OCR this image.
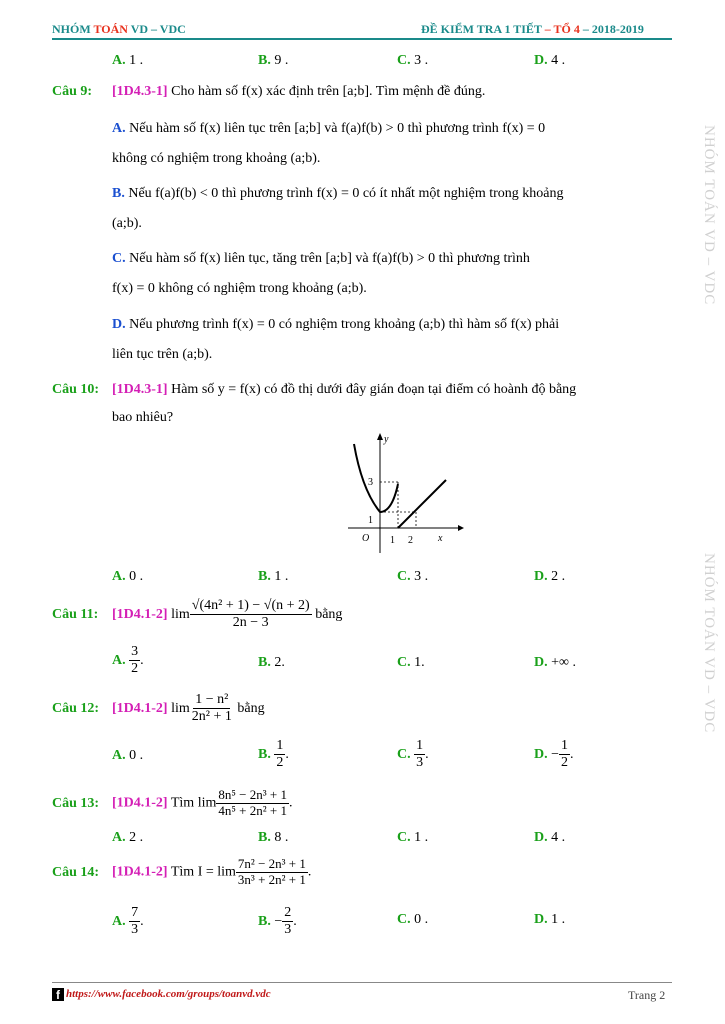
NHÓM TOÁN VD – VDC	ĐỀ KIỂM TRA 1 TIẾT – TỔ 4 – 2018-2019
NHÓM TOÁN VD – VDC
NHÓM TOÁN VD – VDC
A. 1 .	B. 9 .	C. 3 .	D. 4 .
Câu 9: [1D4.3-1] Cho hàm số f(x) xác định trên [a;b]. Tìm mệnh đề đúng.

A. Nếu hàm số f(x) liên tục trên [a;b] và f(a)f(b) > 0 thì phương trình f(x) = 0

không có nghiệm trong khoảng (a;b).

B. Nếu f(a)f(b) < 0 thì phương trình f(x) = 0 có ít nhất một nghiệm trong khoảng

(a;b).

C. Nếu hàm số f(x) liên tục, tăng trên [a;b] và f(a)f(b) > 0 thì phương trình

f(x) = 0 không có nghiệm trong khoảng (a;b).

D. Nếu phương trình f(x) = 0 có nghiệm trong khoảng (a;b) thì hàm số f(x) phải

liên tục trên (a;b).

Câu 10: [1D4.3-1] Hàm số y = f(x) có đồ thị dưới đây gián đoạn tại điểm có hoành độ bằng

bao nhiêu?

y
x
O
3
1
1 2
A. 0 .	B. 1 .	C. 3 .	D. 2 .
Câu 11: [1D4.1-2] $\lim \frac{\text{√(4n² + 1) − √(n + 2)}}{2n - 3}$ bằng
A. $\frac{3}{2}$ .	B. 2.	C. 1.	D. +∞ .
Câu 12: [1D4.1-2] $\lim \frac{\text{1 − n²}}{\text{2n² + 1}}$ bằng
A. 0 .	B. $\frac{1}{2}$ .	C. $\frac{1}{3}$ .	D. − $\frac{1}{2}$ .
Câu 13: [1D4.1-2] Tìm $\lim \frac{\text{8n⁵ − 2n³ + 1}}{\text{4n⁵ + 2n² + 1}}$ .
A. 2 .	B. 8 .	C. 1 .	D. 4 .
Câu 14: [1D4.1-2] Tìm $I = \lim \frac{\text{7n² − 2n³ + 1}}{\text{3n³ + 2n² + 1}}$ .
A. $\frac{7}{3}$ .	B. − $\frac{2}{3}$ .	C. 0 .	D. 1 .
f https://www.facebook.com/groups/toanvd.vdc	Trang 2
